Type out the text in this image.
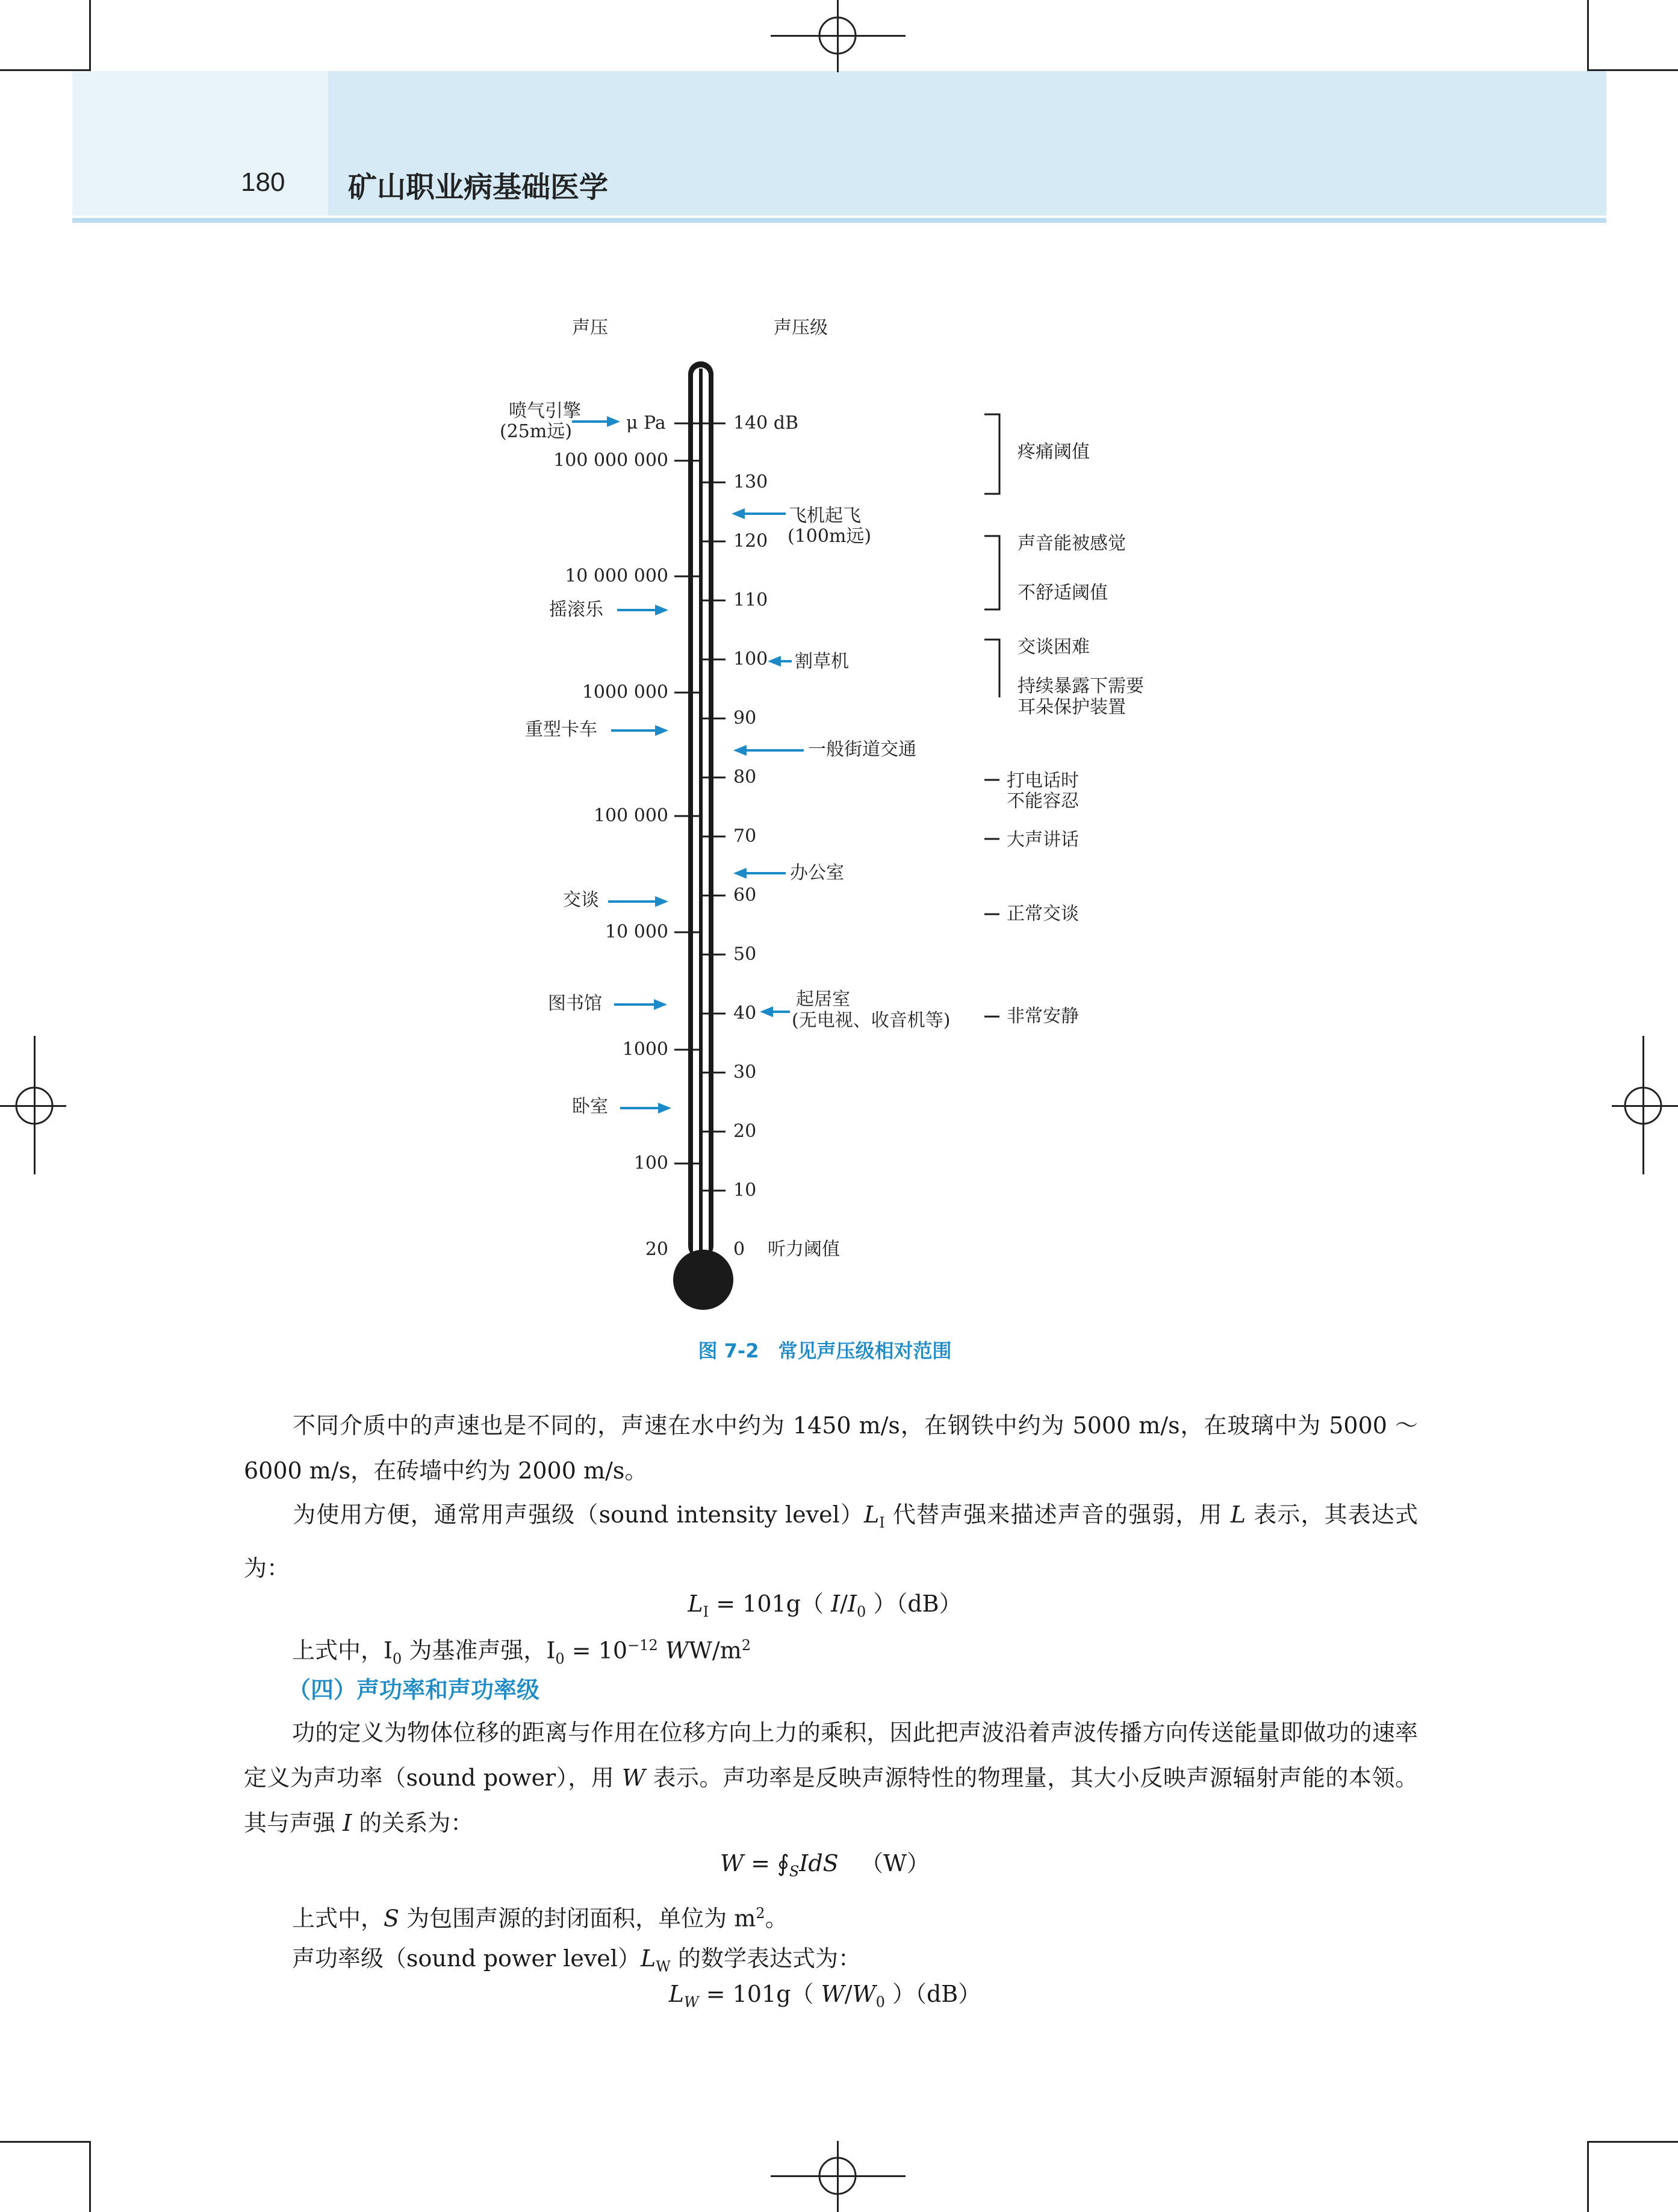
180 矿山职业病基础医学
声压	声压级
μ Pa
100 000 000
10 000 000
1000 000
100 000
10 000
1000
100
20
140 dB
130
120
110
100
90
80
70
60
50
40
30
20
10
0
喷气引擎
(25m远)
摇滚乐
重型卡车
交谈
图书馆
卧室
飞机起飞
(100m远)
割草机
一般街道交通
办公室
起居室
(无电视、收音机等)
听力阈值
疼痛阈值
声音能被感觉
不舒适阈值
交谈困难
持续暴露下需要
耳朵保护装置
打电话时
不能容忍
大声讲话
正常交谈
非常安静
图 7-2　常见声压级相对范围
不同介质中的声速也是不同的，声速在水中约为 1450 m/s，在钢铁中约为 5000 m/s，在玻璃中为 5000 ～ 6000 m/s，在砖墙中约为 2000 m/s。
为使用方便，通常用声强级（sound intensity $level)L_I$ 代替声强来描述声音的强弱，用 L 表示，其表达式为：
$L_I = 101g$（ $I/I_0$ ）（dB）
上式中，$I_0$ 为基准声强，$I_0 = 10^{-12}$ $WW/m^2$
（四）声功率和声功率级
功的定义为物体位移的距离与作用在位移方向上力的乘积，因此把声波沿着声波传播方向传送能量即做功的速率定义为声功率（sound power），用 W 表示。声功率是反映声源特性的物理量，其大小反映声源辐射声能的本领。其与声强 I 的关系为：
$W = ∮_SIdS$ （W）
上式中，S 为包围声源的封闭面积，单位为 $m^2$。
声功率级（sound power $level)L_W$ 的数学表达式为：
$L_W = 101g$（ $W/W_0$ ）（dB）
